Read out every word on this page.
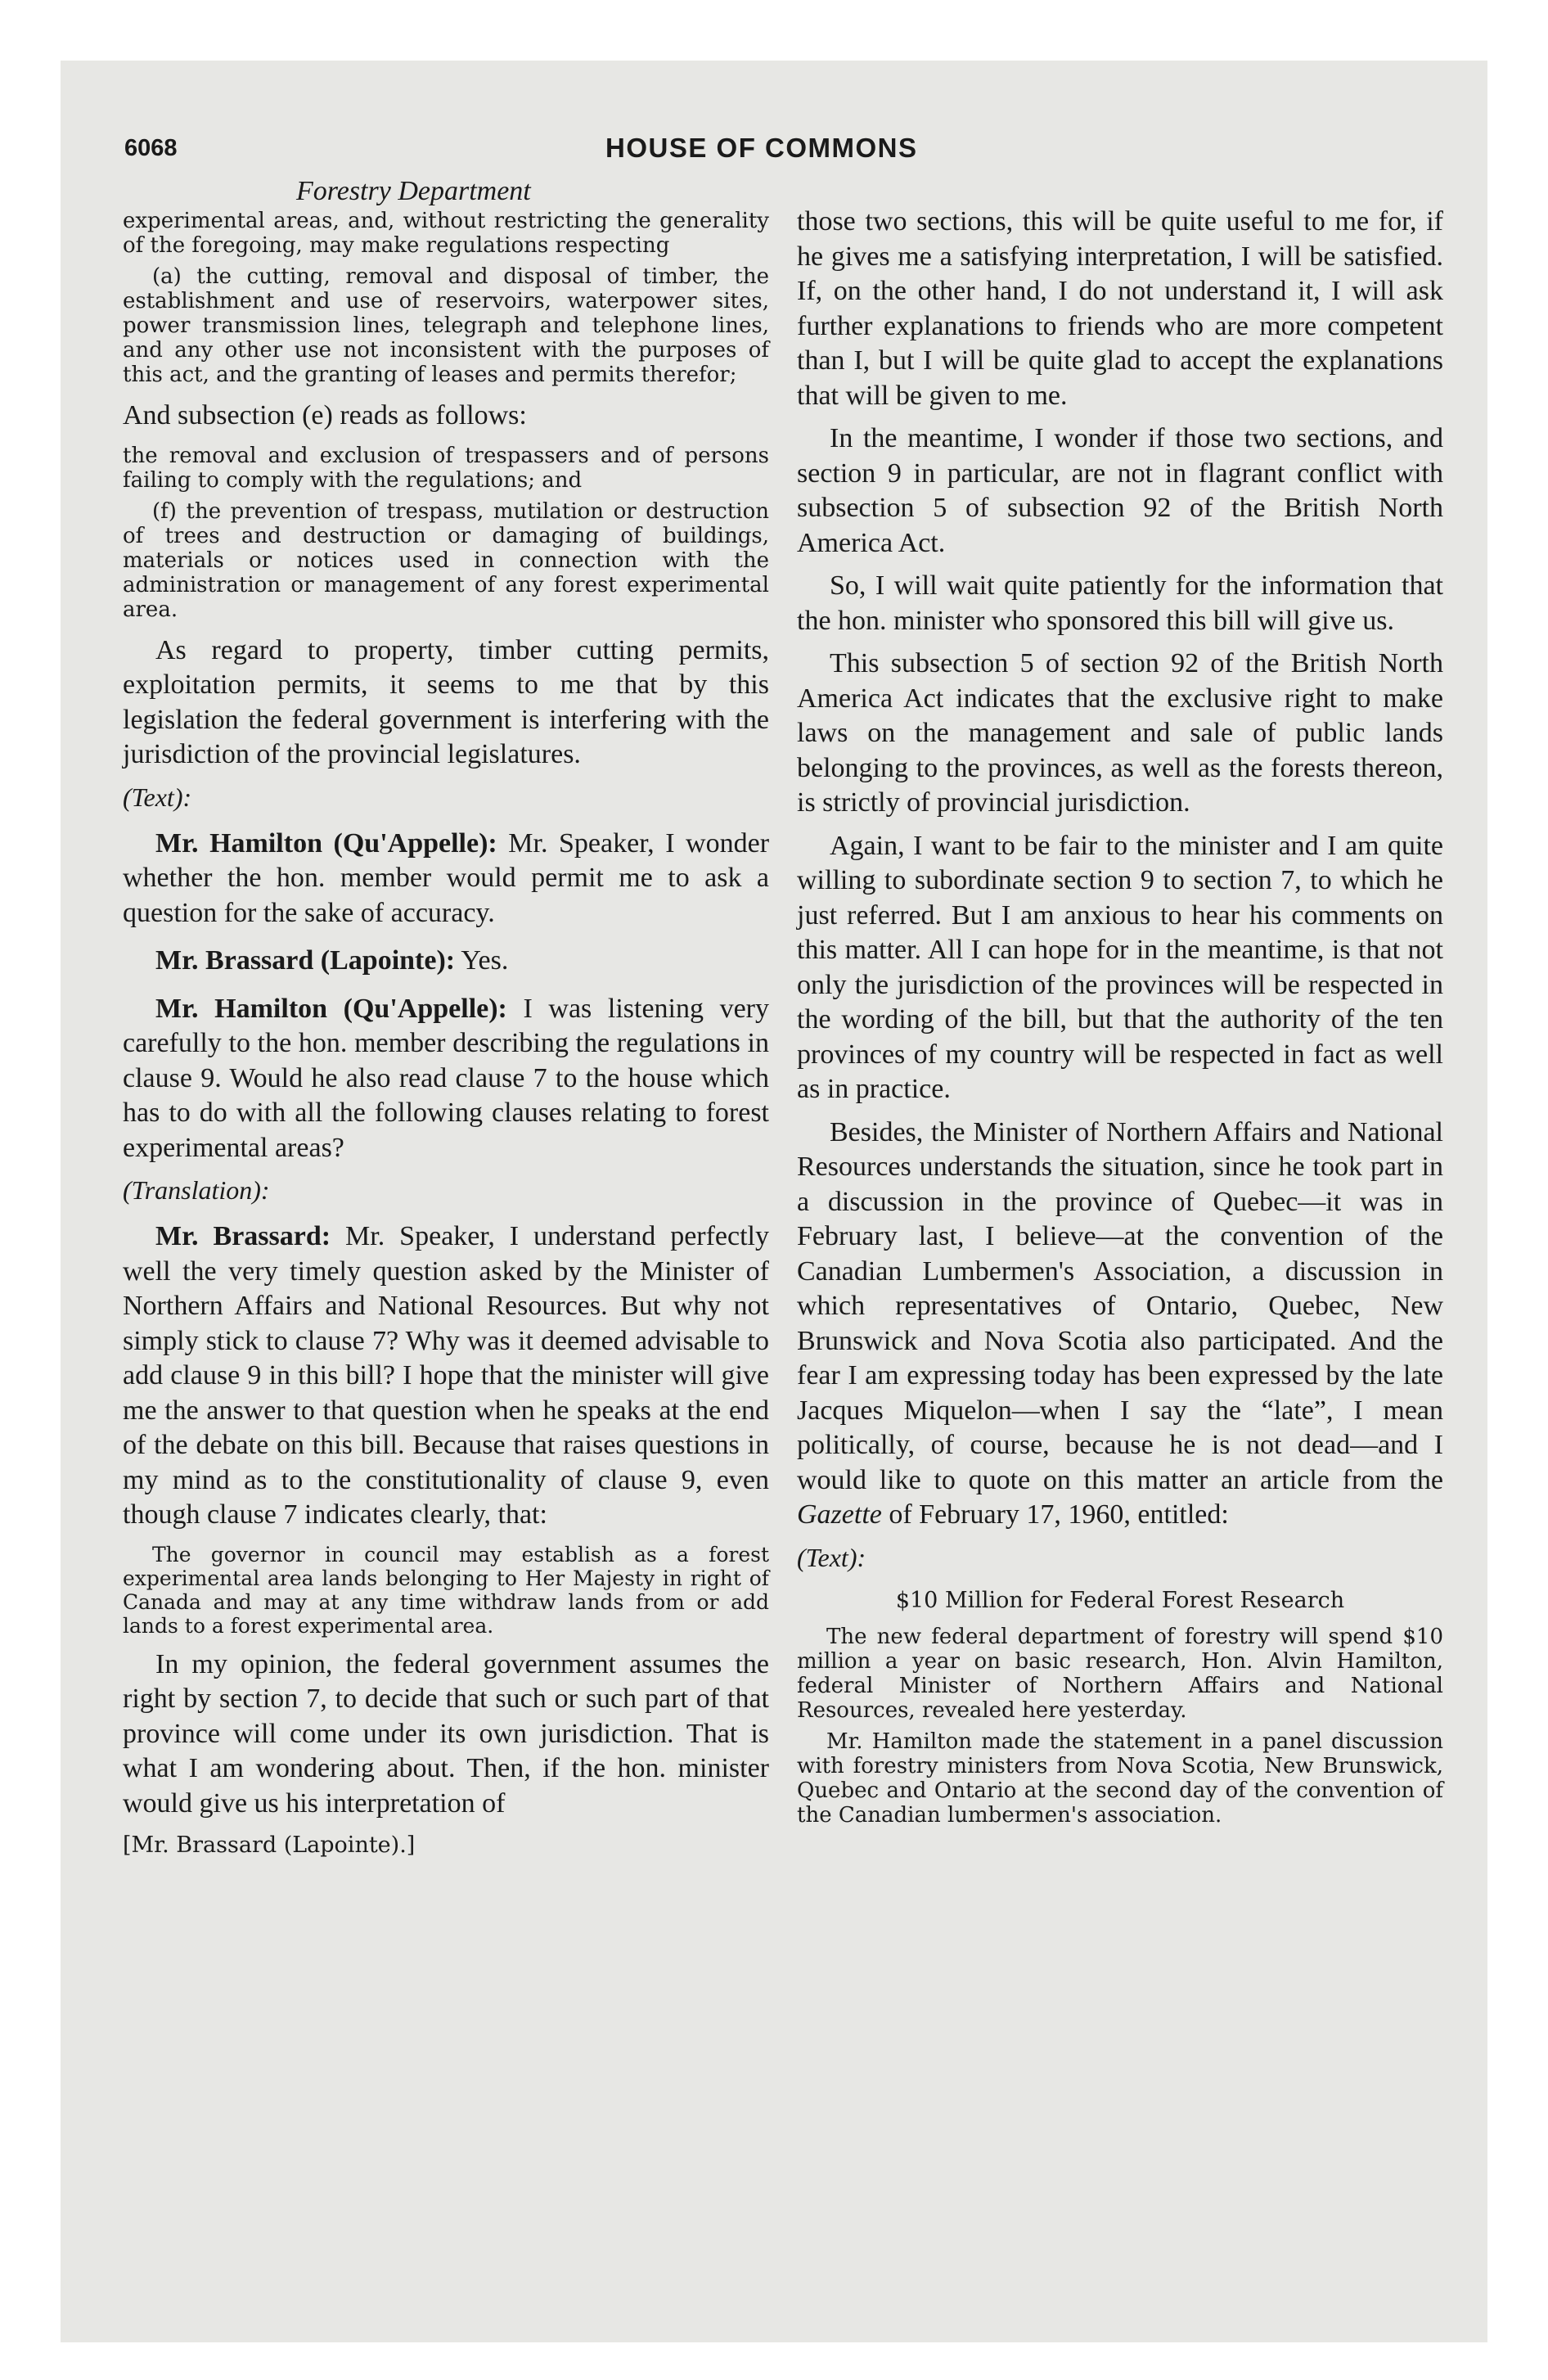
6068	HOUSE OF COMMONS
Forestry Department

experimental areas, and, without restricting the generality of the foregoing, may make regulations respecting

(a) the cutting, removal and disposal of timber, the establishment and use of reservoirs, waterpower sites, power transmission lines, telegraph and telephone lines, and any other use not inconsistent with the purposes of this act, and the granting of leases and permits therefor;

And subsection (e) reads as follows:

the removal and exclusion of trespassers and of persons failing to comply with the regulations; and

(f) the prevention of trespass, mutilation or destruction of trees and destruction or damaging of buildings, materials or notices used in connection with the administration or management of any forest experimental area.

As regard to property, timber cutting permits, exploitation permits, it seems to me that by this legislation the federal government is interfering with the jurisdiction of the provincial legislatures.

(Text):

Mr. Hamilton (Qu'Appelle): Mr. Speaker, I wonder whether the hon. member would permit me to ask a question for the sake of accuracy.

Mr. Brassard (Lapointe): Yes.

Mr. Hamilton (Qu'Appelle): I was listening very carefully to the hon. member describing the regulations in clause 9. Would he also read clause 7 to the house which has to do with all the following clauses relating to forest experimental areas?

(Translation):

Mr. Brassard: Mr. Speaker, I understand perfectly well the very timely question asked by the Minister of Northern Affairs and National Resources. But why not simply stick to clause 7? Why was it deemed advisable to add clause 9 in this bill? I hope that the minister will give me the answer to that question when he speaks at the end of the debate on this bill. Because that raises questions in my mind as to the constitutionality of clause 9, even though clause 7 indicates clearly, that:

The governor in council may establish as a forest experimental area lands belonging to Her Majesty in right of Canada and may at any time withdraw lands from or add lands to a forest experimental area.

In my opinion, the federal government assumes the right by section 7, to decide that such or such part of that province will come under its own jurisdiction. That is what I am wondering about. Then, if the hon. minister would give us his interpretation of

[Mr. Brassard (Lapointe).]

those two sections, this will be quite useful to me for, if he gives me a satisfying interpretation, I will be satisfied. If, on the other hand, I do not understand it, I will ask further explanations to friends who are more competent than I, but I will be quite glad to accept the explanations that will be given to me.

In the meantime, I wonder if those two sections, and section 9 in particular, are not in flagrant conflict with subsection 5 of subsection 92 of the British North America Act.

So, I will wait quite patiently for the information that the hon. minister who sponsored this bill will give us.

This subsection 5 of section 92 of the British North America Act indicates that the exclusive right to make laws on the management and sale of public lands belonging to the provinces, as well as the forests thereon, is strictly of provincial jurisdiction.

Again, I want to be fair to the minister and I am quite willing to subordinate section 9 to section 7, to which he just referred. But I am anxious to hear his comments on this matter. All I can hope for in the meantime, is that not only the jurisdiction of the provinces will be respected in the wording of the bill, but that the authority of the ten provinces of my country will be respected in fact as well as in practice.

Besides, the Minister of Northern Affairs and National Resources understands the situation, since he took part in a discussion in the province of Quebec—it was in February last, I believe—at the convention of the Canadian Lumbermen's Association, a discussion in which representatives of Ontario, Quebec, New Brunswick and Nova Scotia also participated. And the fear I am expressing today has been expressed by the late Jacques Miquelon—when I say the “late”, I mean politically, of course, because he is not dead—and I would like to quote on this matter an article from the Gazette of February 17, 1960, entitled:

(Text):
$10 Million for Federal Forest Research

The new federal department of forestry will spend $10 million a year on basic research, Hon. Alvin Hamilton, federal Minister of Northern Affairs and National Resources, revealed here yesterday.

Mr. Hamilton made the statement in a panel discussion with forestry ministers from Nova Scotia, New Brunswick, Quebec and Ontario at the second day of the convention of the Canadian lumbermen's association.
